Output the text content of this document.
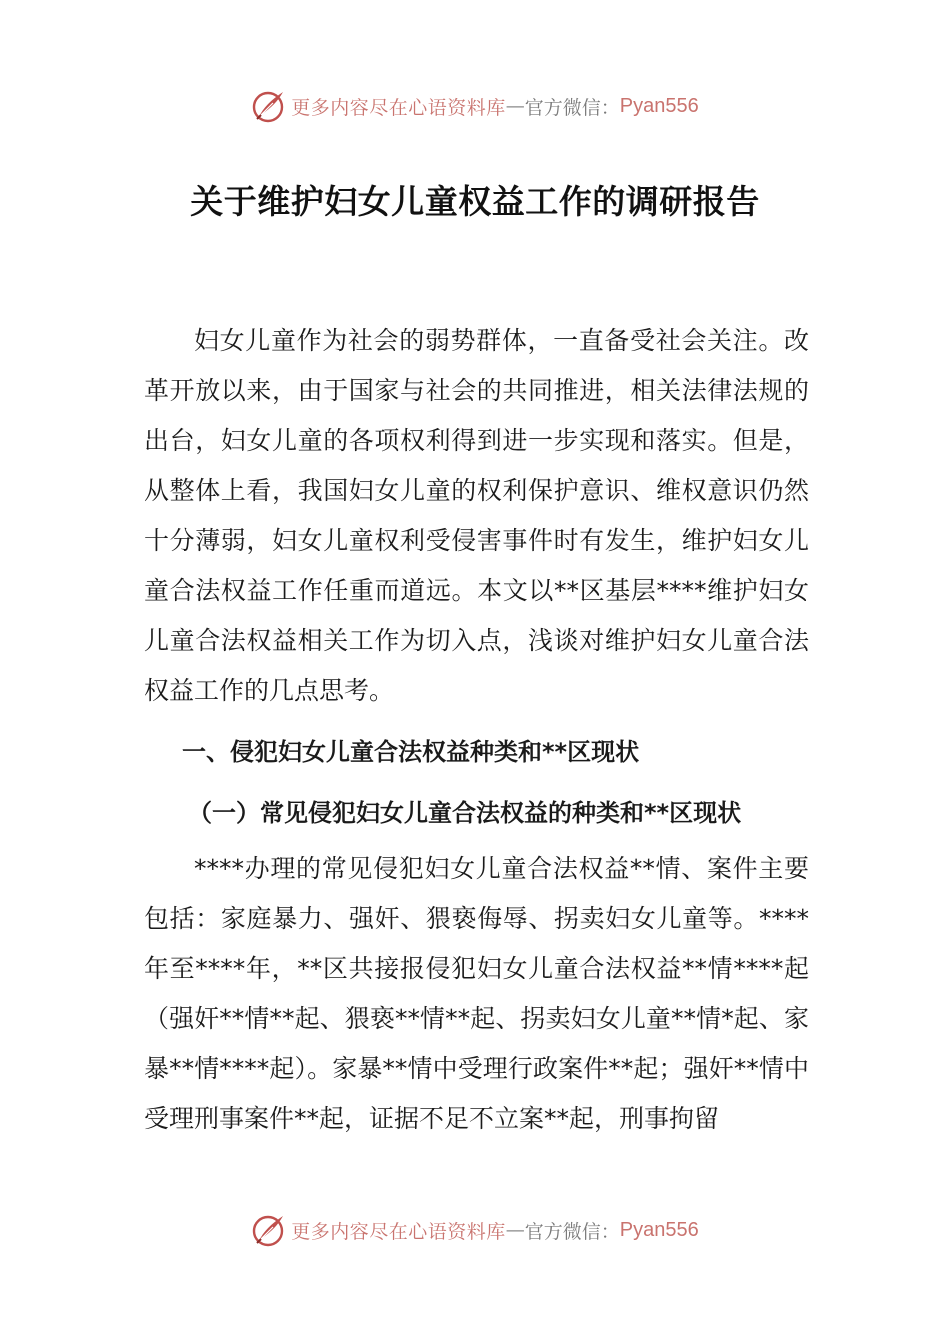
更多内容尽在心语资料库 — 官方微信： Pyan556
关于维护妇女儿童权益工作的调研报告

妇女儿童作为社会的弱势群体，一直备受社会关注。改革开放以来，由于国家与社会的共同推进，相关法律法规的出台，妇女儿童的各项权利得到进一步实现和落实。但是，从整体上看，我国妇女儿童的权利保护意识、维权意识仍然十分薄弱，妇女儿童权利受侵害事件时有发生，维护妇女儿童合法权益工作任重而道远。本文以**区基层****维护妇女儿童合法权益相关工作为切入点，浅谈对维护妇女儿童合法权益工作的几点思考。

一、侵犯妇女儿童合法权益种类和**区现状

（一）常见侵犯妇女儿童合法权益的种类和**区现状

****办理的常见侵犯妇女儿童合法权益**情、案件主要包括：家庭暴力、强奸、猥亵侮辱、拐卖妇女儿童等。****年至****年，**区共接报侵犯妇女儿童合法权益**情****起（强奸**情**起、猥亵**情**起、拐卖妇女儿童**情*起、家暴**情****起）。家暴**情中受理行政案件**起；强奸**情中受理刑事案件**起，证据不足不立案**起，刑事拘留

更多内容尽在心语资料库 — 官方微信： Pyan556
